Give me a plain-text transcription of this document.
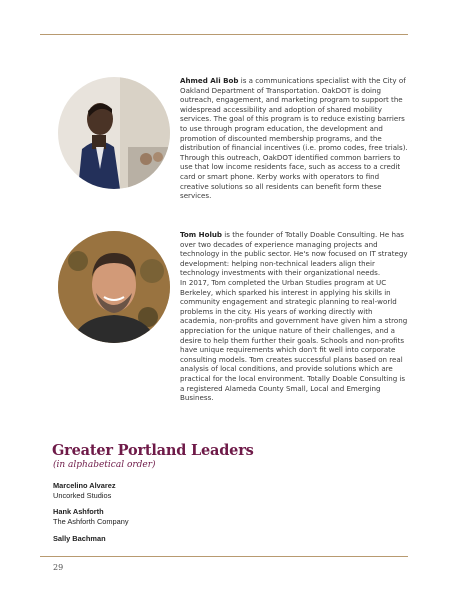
Ahmed Ali Bob is a communications specialist with the City of Oakland Department of Transportation. OakDOT is doing outreach, engagement, and marketing program to support the widespread accessibility and adoption of shared mobility services. The goal of this program is to reduce existing barriers to use through program education, the development and promotion of discounted membership programs, and the distribution of financial incentives (i.e. promo codes, free trials).

Through this outreach, OakDOT identified common barriers to use that low income residents face, such as access to a credit card or smart phone. Kerby works with operators to find creative solutions so all residents can benefit form these services.

Tom Holub is the founder of Totally Doable Consulting. He has over two decades of experience managing projects and technology in the public sector. He's now focused on IT strategy development: helping non-technical leaders align their technology investments with their organizational needs.

In 2017, Tom completed the Urban Studies program at UC Berkeley, which sparked his interest in applying his skills in community engagement and strategic planning to real-world problems in the city. His years of working directly with academia, non-profits and government have given him a strong appreciation for the unique nature of their challenges, and a desire to help them further their goals. Schools and non-profits have unique requirements which don't fit well into corporate consulting models. Tom creates successful plans based on real analysis of local conditions, and provide solutions which are practical for the local environment. Totally Doable Consulting is a registered Alameda County Small, Local and Emerging Business.

Greater Portland Leaders
(in alphabetical order)
Marcelino Alvarez
Uncorked Studios
Hank Ashforth
The Ashforth Company
Sally Bachman
29
